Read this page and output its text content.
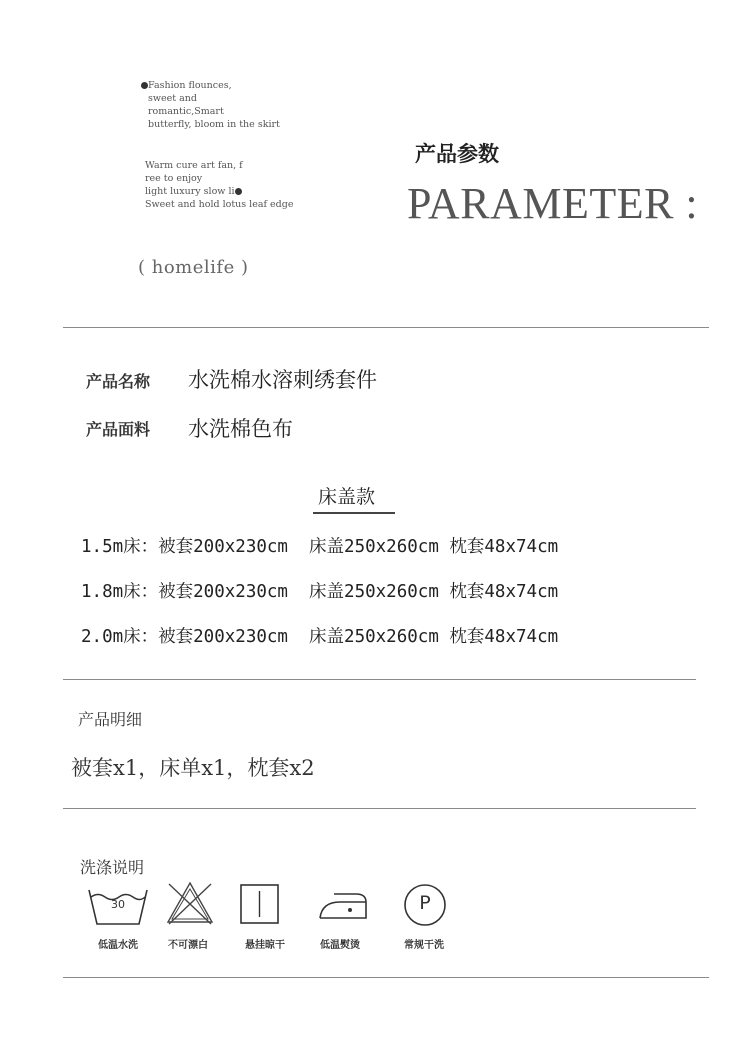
Fashion flounces,
sweet and
romantic,Smart
butterfly, bloom in the skirt
Warm cure art fan, f
ree to enjoy
light luxury slow li
Sweet and hold lotus leaf edge
( homelife )
产品参数
PARAMETER :
产品名称 水洗棉水溶刺绣套件
产品面料 水洗棉色布
床盖款
1.5m床：被套200x230cm  床盖250x260cm 枕套48x74cm
1.8m床：被套200x230cm  床盖250x260cm 枕套48x74cm
2.0m床：被套200x230cm  床盖250x260cm 枕套48x74cm
产品明细
被套x1，床单x1，枕套x2
洗涤说明
30	P
低温水洗	不可漂白	悬挂晾干	低温熨烫	常规干洗
